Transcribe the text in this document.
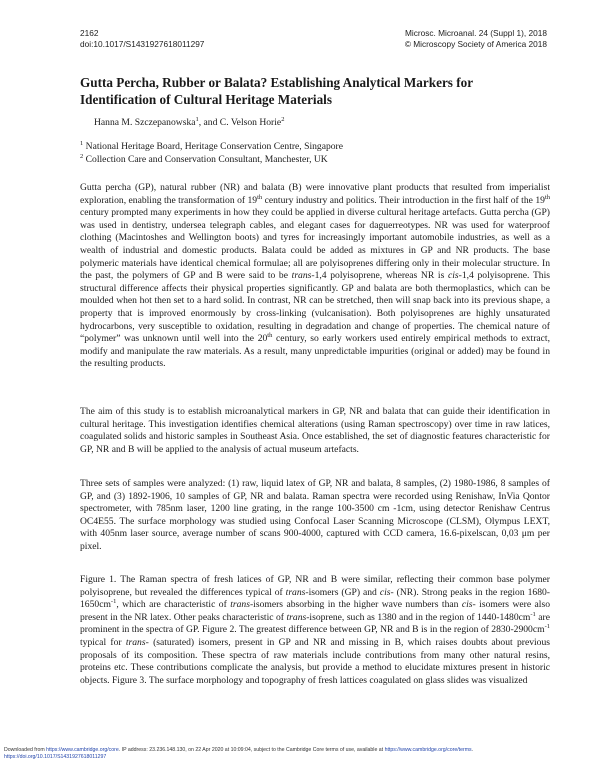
2162
doi:10.1017/S1431927618011297
Microsc. Microanal. 24 (Suppl 1), 2018
© Microscopy Society of America 2018
Gutta Percha, Rubber or Balata? Establishing Analytical Markers for Identification of Cultural Heritage Materials
Hanna M. Szczepanowska$^1$, and C. Velson Horie$^2$
$^1$ National Heritage Board, Heritage Conservation Centre, Singapore
$^2$ Collection Care and Conservation Consultant, Manchester, UK
Gutta percha (GP), natural rubber (NR) and balata (B) were innovative plant products that resulted from imperialist exploration, enabling the transformation of 19th century industry and politics. Their introduction in the first half of the 19th century prompted many experiments in how they could be applied in diverse cultural heritage artefacts. Gutta percha (GP) was used in dentistry, undersea telegraph cables, and elegant cases for daguerreotypes. NR was used for waterproof clothing (Macintoshes and Wellington boots) and tyres for increasingly important automobile industries, as well as a wealth of industrial and domestic products. Balata could be added as mixtures in GP and NR products. The base polymeric materials have identical chemical formulae; all are polyisoprenes differing only in their molecular structure. In the past, the polymers of GP and B were said to be trans-1,4 polyisoprene, whereas NR is cis-1,4 polyisoprene. This structural difference affects their physical properties significantly. GP and balata are both thermoplastics, which can be moulded when hot then set to a hard solid. In contrast, NR can be stretched, then will snap back into its previous shape, a property that is improved enormously by cross-linking (vulcanisation). Both polyisoprenes are highly unsaturated hydrocarbons, very susceptible to oxidation, resulting in degradation and change of properties. The chemical nature of “polymer” was unknown until well into the 20th century, so early workers used entirely empirical methods to extract, modify and manipulate the raw materials. As a result, many unpredictable impurities (original or added) may be found in the resulting products.
The aim of this study is to establish microanalytical markers in GP, NR and balata that can guide their identification in cultural heritage. This investigation identifies chemical alterations (using Raman spectroscopy) over time in raw latices, coagulated solids and historic samples in Southeast Asia. Once established, the set of diagnostic features characteristic for GP, NR and B will be applied to the analysis of actual museum artefacts.
Three sets of samples were analyzed: (1) raw, liquid latex of GP, NR and balata, 8 samples, (2) 1980-1986, 8 samples of GP, and (3) 1892-1906, 10 samples of GP, NR and balata. Raman spectra were recorded using Renishaw, InVia Qontor spectrometer, with 785nm laser, 1200 line grating, in the range 100-3500 cm -1cm, using detector Renishaw Centrus OC4E55. The surface morphology was studied using Confocal Laser Scanning Microscope (CLSM), Olympus LEXT, with 405nm laser source, average number of scans 900-4000, captured with CCD camera, 16.6-pixelscan, 0,03 μm per pixel.
Figure 1. The Raman spectra of fresh latices of GP, NR and B were similar, reflecting their common base polymer polyisoprene, but revealed the differences typical of trans-isomers (GP) and cis- (NR). Strong peaks in the region $1680-1650cm^{-1}$, which are characteristic of trans-isomers absorbing in the higher wave numbers than cis- isomers were also present in the NR latex. Other peaks characteristic of trans-isoprene, such as 1380 and in the region of $1440-1480cm^{-1}$ are prominent in the spectra of GP. Figure 2. The greatest difference between GP, NR and B is in the region of $2830-2900cm^{-1}$ typical for trans- (saturated) isomers, present in GP and NR and missing in B, which raises doubts about previous proposals of its composition. These spectra of raw materials include contributions from many other natural resins, proteins etc. These contributions complicate the analysis, but provide a method to elucidate mixtures present in historic objects. Figure 3. The surface morphology and topography of fresh lattices coagulated on glass slides was visualized
Downloaded from https://www.cambridge.org/core. IP address: 23.236.148.130, on 22 Apr 2020 at 10:09:04, subject to the Cambridge Core terms of use, available at https://www.cambridge.org/core/terms.
https://doi.org/10.1017/S1431927618011297
